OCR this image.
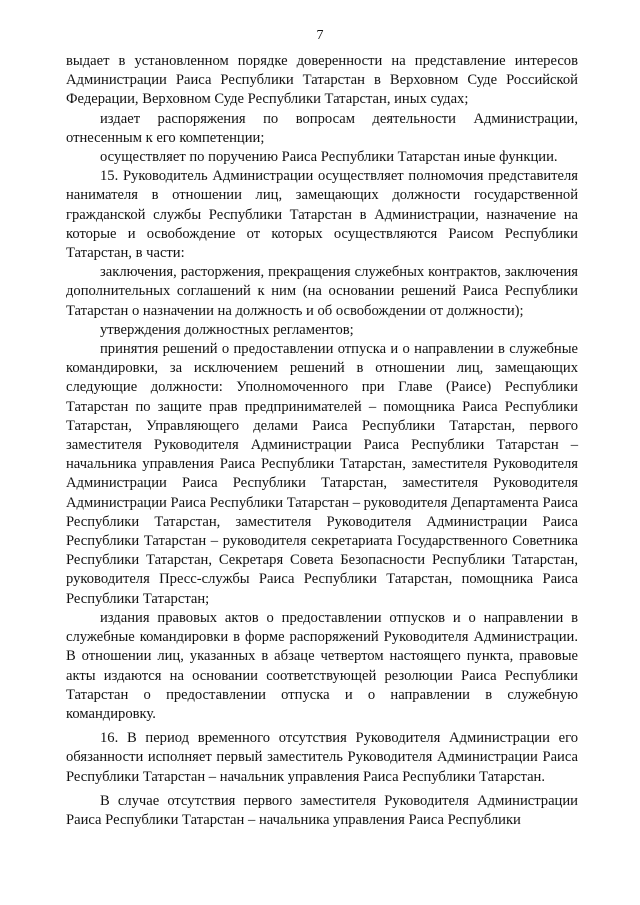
7

выдает в установленном порядке доверенности на представление интересов Администрации Раиса Республики Татарстан в Верховном Суде Российской Федерации, Верховном Суде Республики Татарстан, иных судах;

издает распоряжения по вопросам деятельности Администрации, отнесенным к его компетенции;

осуществляет по поручению Раиса Республики Татарстан иные функции.

15. Руководитель Администрации осуществляет полномочия представителя нанимателя в отношении лиц, замещающих должности государственной гражданской службы Республики Татарстан в Администрации, назначение на которые и освобождение от которых осуществляются Раисом Республики Татарстан, в части:

заключения, расторжения, прекращения служебных контрактов, заключения дополнительных соглашений к ним (на основании решений Раиса Республики Татарстан о назначении на должность и об освобождении от должности);

утверждения должностных регламентов;

принятия решений о предоставлении отпуска и о направлении в служебные командировки, за исключением решений в отношении лиц, замещающих следующие должности: Уполномоченного при Главе (Раисе) Республики Татарстан по защите прав предпринимателей – помощника Раиса Республики Татарстан, Управляющего делами Раиса Республики Татарстан, первого заместителя Руководителя Администрации Раиса Республики Татарстан – начальника управления Раиса Республики Татарстан, заместителя Руководителя Администрации Раиса Республики Татарстан, заместителя Руководителя Администрации Раиса Республики Татарстан – руководителя Департамента Раиса Республики Татарстан, заместителя Руководителя Администрации Раиса Республики Татарстан – руководителя секретариата Государственного Советника Республики Татарстан, Секретаря Совета Безопасности Республики Татарстан, руководителя Пресс-службы Раиса Республики Татарстан, помощника Раиса Республики Татарстан;

издания правовых актов о предоставлении отпусков и о направлении в служебные командировки в форме распоряжений Руководителя Администрации. В отношении лиц, указанных в абзаце четвертом настоящего пункта, правовые акты издаются на основании соответствующей резолюции Раиса Республики Татарстан о предоставлении отпуска и о направлении в служебную командировку.

16. В период временного отсутствия Руководителя Администрации его обязанности исполняет первый заместитель Руководителя Администрации Раиса Республики Татарстан – начальник управления Раиса Республики Татарстан.

В случае отсутствия первого заместителя Руководителя Администрации Раиса Республики Татарстан – начальника управления Раиса Республики
